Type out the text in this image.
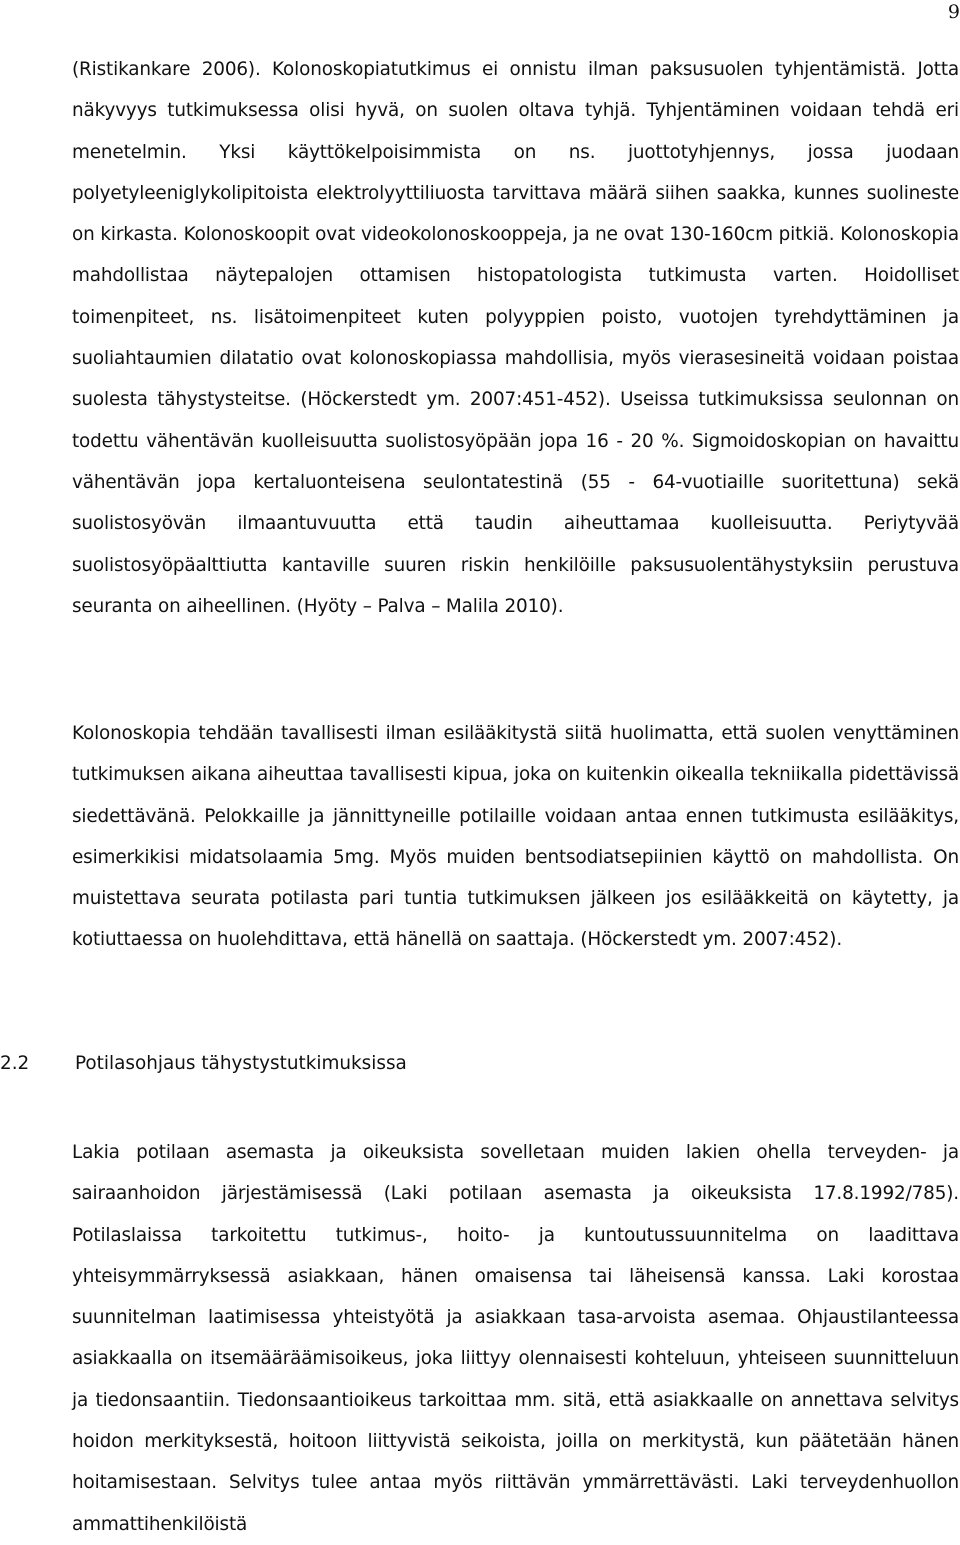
9

(Ristikankare 2006). Kolonoskopiatutkimus ei onnistu ilman paksusuolen tyhjentämistä. Jotta näkyvyys tutkimuksessa olisi hyvä, on suolen oltava tyhjä. Tyhjentäminen voidaan tehdä eri menetelmin. Yksi käyttökelpoisimmista on ns. juottotyhjennys, jossa juodaan polyetyleeniglykolipitoista elektrolyyttiliuosta tarvittava määrä siihen saakka, kunnes suolineste on kirkasta. Kolonoskoopit ovat videokolonoskooppeja, ja ne ovat 130-160cm pitkiä. Kolonoskopia mahdollistaa näytepalojen ottamisen histopatologista tutkimusta varten. Hoidolliset toimenpiteet, ns. lisätoimenpiteet kuten polyyppien poisto, vuotojen tyrehdyttäminen ja suoliahtaumien dilatatio ovat kolonoskopiassa mahdollisia, myös vierasesineitä voidaan poistaa suolesta tähystysteitse. (Höckerstedt ym. 2007:451-452). Useissa tutkimuksissa seulonnan on todettu vähentävän kuolleisuutta suolistosyöpään jopa 16 - 20 %. Sigmoidoskopian on havaittu vähentävän jopa kertaluonteisena seulontatestinä (55 - 64-vuotiaille suoritettuna) sekä suolistosyövän ilmaantuvuutta että taudin aiheuttamaa kuolleisuutta. Periytyvää suolistosyöpäalttiutta kantaville suuren riskin henkilöille paksusuolentähystyksiin perustuva seuranta on aiheellinen. (Hyöty – Palva – Malila 2010).

Kolonoskopia tehdään tavallisesti ilman esilääkitystä siitä huolimatta, että suolen venyttäminen tutkimuksen aikana aiheuttaa tavallisesti kipua, joka on kuitenkin oikealla tekniikalla pidettävissä siedettävänä. Pelokkaille ja jännittyneille potilaille voidaan antaa ennen tutkimusta esilääkitys, esimerkikisi midatsolaamia 5mg. Myös muiden bentsodiatsepiinien käyttö on mahdollista. On muistettava seurata potilasta pari tuntia tutkimuksen jälkeen jos esilääkkeitä on käytetty, ja kotiuttaessa on huolehdittava, että hänellä on saattaja. (Höckerstedt ym. 2007:452).

2.2	Potilasohjaus tähystystutkimuksissa

Lakia potilaan asemasta ja oikeuksista sovelletaan muiden lakien ohella terveyden- ja sairaanhoidon järjestämisessä (Laki potilaan asemasta ja oikeuksista 17.8.1992/785). Potilaslaissa tarkoitettu tutkimus-, hoito- ja kuntoutussuunnitelma on laadittava yhteisymmärryksessä asiakkaan, hänen omaisensa tai läheisensä kanssa. Laki korostaa suunnitelman laatimisessa yhteistyötä ja asiakkaan tasa-arvoista asemaa. Ohjaustilanteessa asiakkaalla on itsemääräämisoikeus, joka liittyy olennaisesti kohteluun, yhteiseen suunnitteluun ja tiedonsaantiin. Tiedonsaantioikeus tarkoittaa mm. sitä, että asiakkaalle on annettava selvitys hoidon merkityksestä, hoitoon liittyvistä seikoista, joilla on merkitystä, kun päätetään hänen hoitamisestaan. Selvitys tulee antaa myös riittävän ymmärrettävästi. Laki terveydenhuollon ammattihenkilöistä
